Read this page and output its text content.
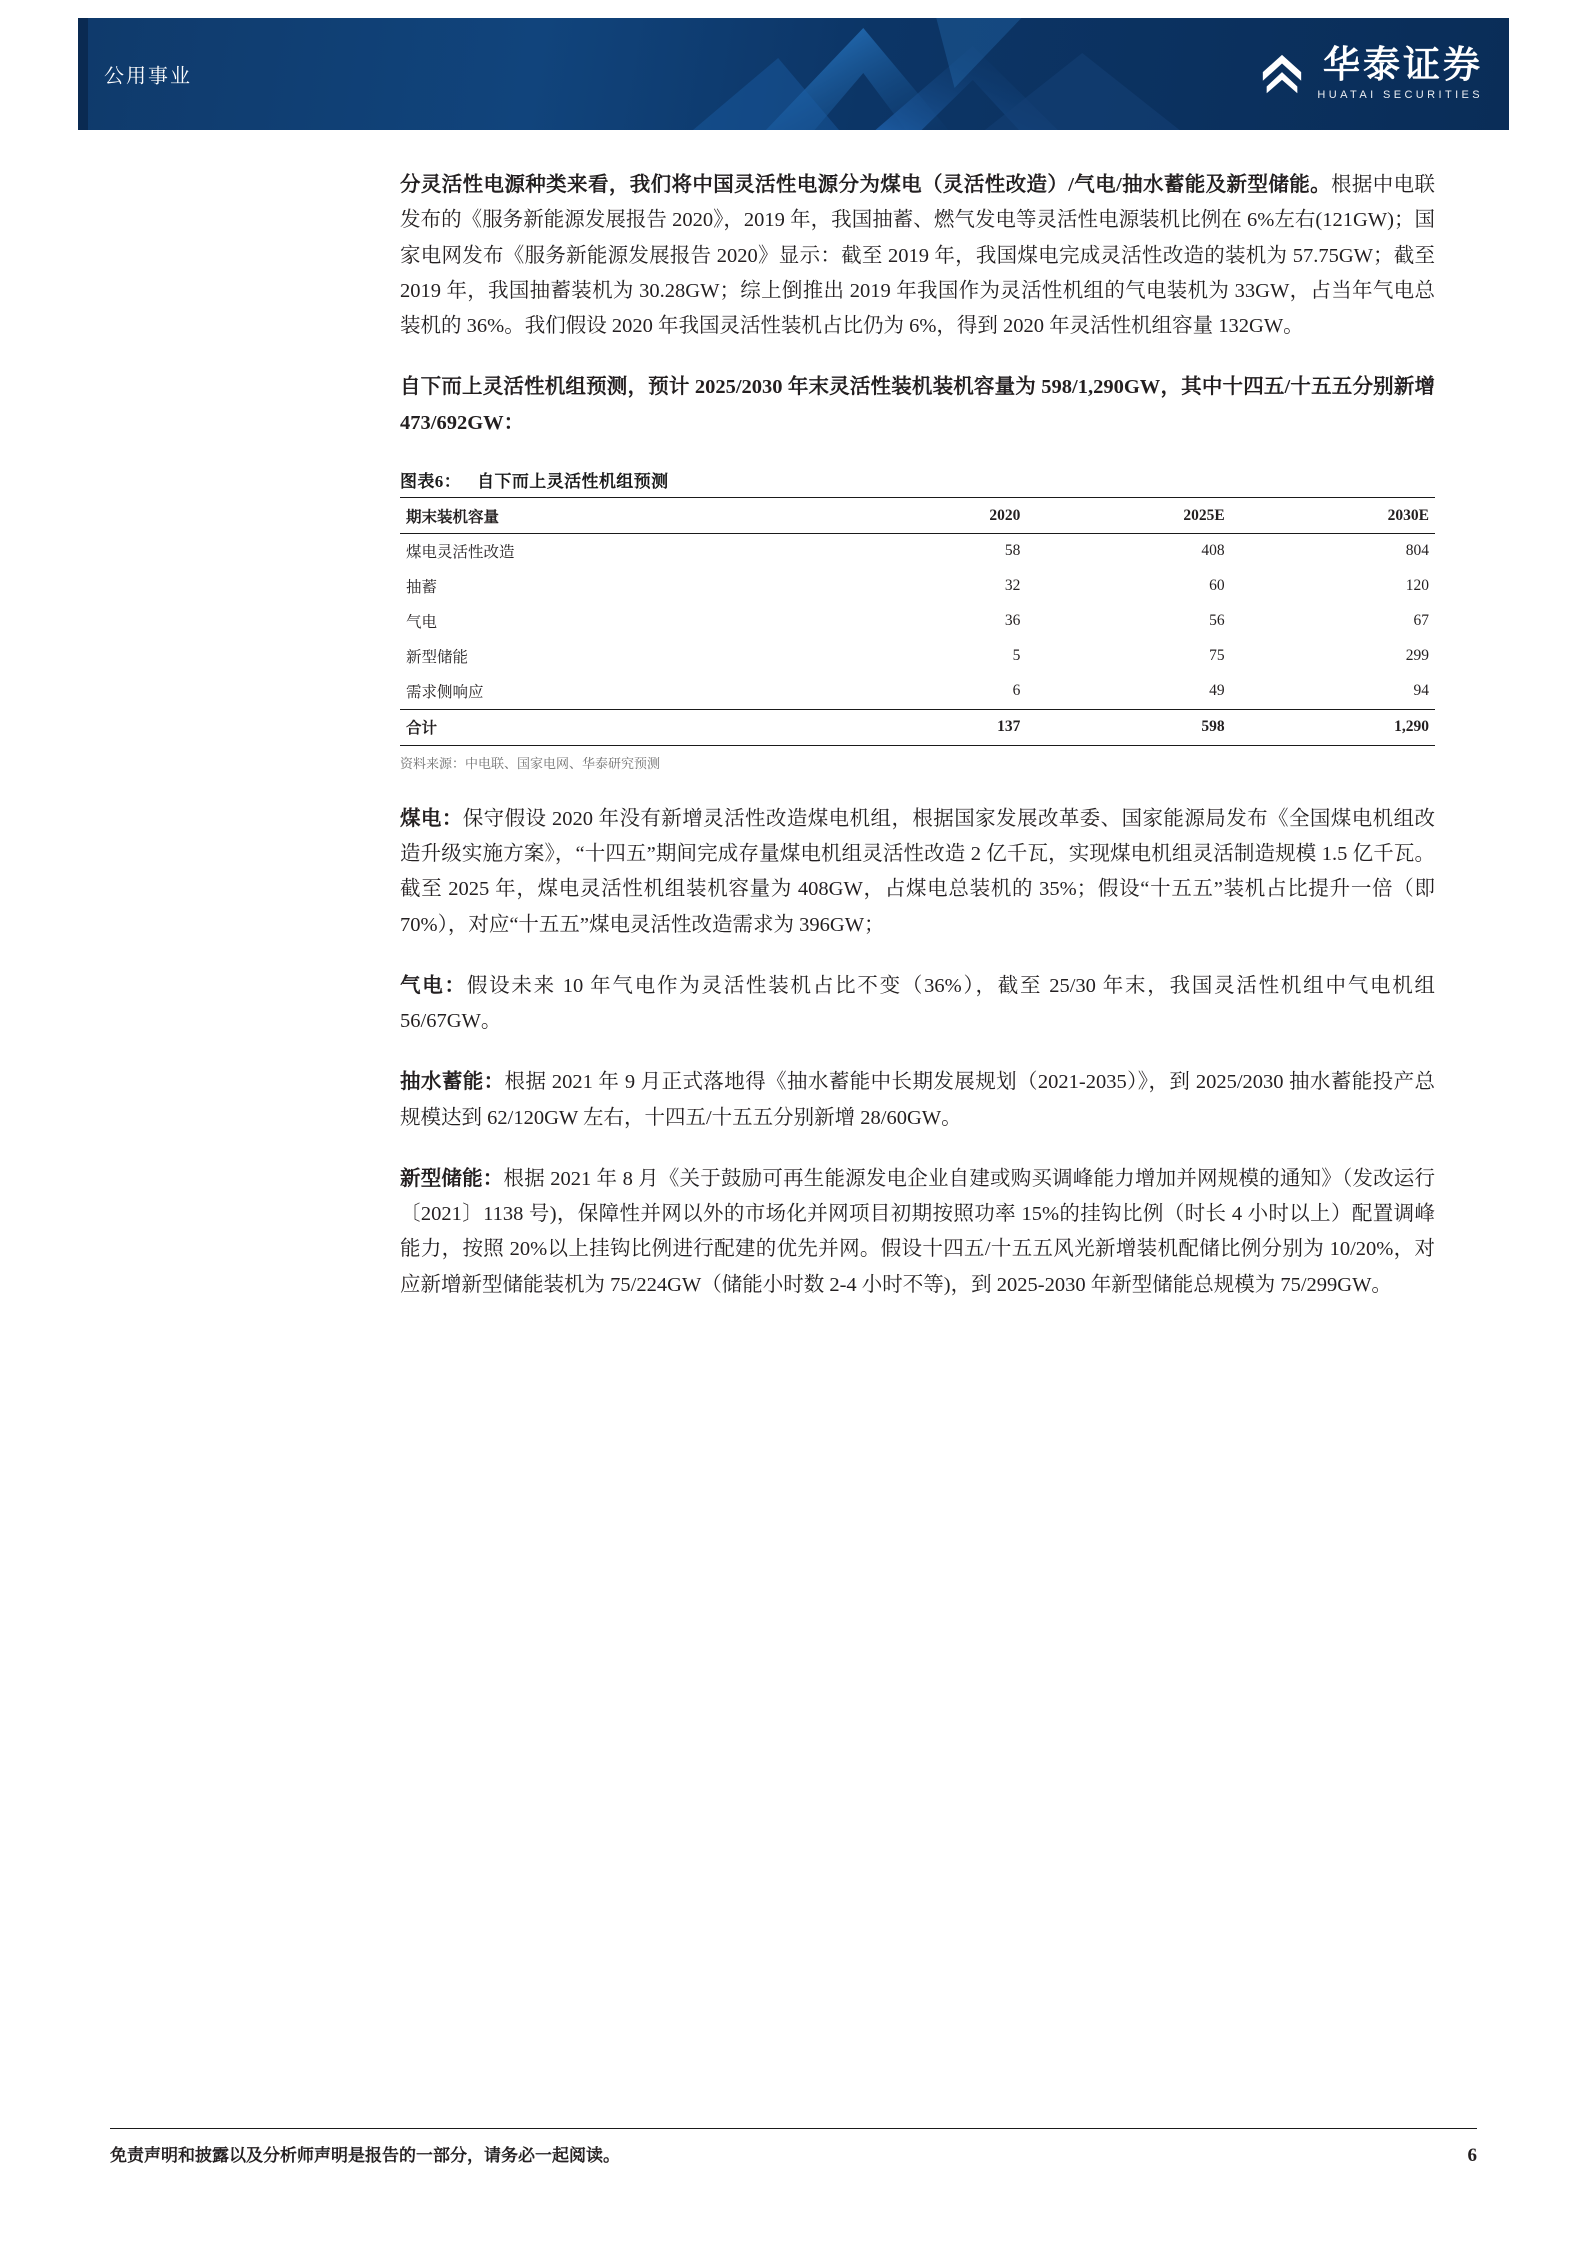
公用事业	华泰证券
HUATAI SECURITIES

分灵活性电源种类来看，我们将中国灵活性电源分为煤电（灵活性改造）/气电/抽水蓄能及新型储能。根据中电联发布的《服务新能源发展报告 2020》，2019 年，我国抽蓄、燃气发电等灵活性电源装机比例在 6%左右(121GW)；国家电网发布《服务新能源发展报告 2020》显示：截至 2019 年，我国煤电完成灵活性改造的装机为 57.75GW；截至 2019 年，我国抽蓄装机为 30.28GW；综上倒推出 2019 年我国作为灵活性机组的气电装机为 33GW，占当年气电总装机的 36%。我们假设 2020 年我国灵活性装机占比仍为 6%，得到 2020 年灵活性机组容量 132GW。

自下而上灵活性机组预测，预计 2025/2030 年末灵活性装机装机容量为 598/1,290GW，其中十四五/十五五分别新增 473/692GW：

图表6： 自下而上灵活性机组预测
期末装机容量	2020	2025E	2030E
煤电灵活性改造	58	408	804
抽蓄	32	60	120
气电	36	56	67
新型储能	5	75	299
需求侧响应	6	49	94
合计	137	598	1,290
资料来源：中电联、国家电网、华泰研究预测

煤电：保守假设 2020 年没有新增灵活性改造煤电机组，根据国家发展改革委、国家能源局发布《全国煤电机组改造升级实施方案》，“十四五”期间完成存量煤电机组灵活性改造 2 亿千瓦，实现煤电机组灵活制造规模 1.5 亿千瓦。截至 2025 年，煤电灵活性机组装机容量为 408GW，占煤电总装机的 35%；假设“十五五”装机占比提升一倍（即 70%），对应“十五五”煤电灵活性改造需求为 396GW；

气电：假设未来 10 年气电作为灵活性装机占比不变（36%），截至 25/30 年末，我国灵活性机组中气电机组 56/67GW。

抽水蓄能：根据 2021 年 9 月正式落地得《抽水蓄能中长期发展规划（2021-2035）》，到 2025/2030 抽水蓄能投产总规模达到 62/120GW 左右，十四五/十五五分别新增 28/60GW。

新型储能：根据 2021 年 8 月《关于鼓励可再生能源发电企业自建或购买调峰能力增加并网规模的通知》（发改运行〔2021〕1138 号)，保障性并网以外的市场化并网项目初期按照功率 15%的挂钩比例（时长 4 小时以上）配置调峰能力，按照 20%以上挂钩比例进行配建的优先并网。假设十四五/十五五风光新增装机配储比例分别为 10/20%，对应新增新型储能装机为 75/224GW（储能小时数 2-4 小时不等)，到 2025-2030 年新型储能总规模为 75/299GW。

免责声明和披露以及分析师声明是报告的一部分，请务必一起阅读。	6
